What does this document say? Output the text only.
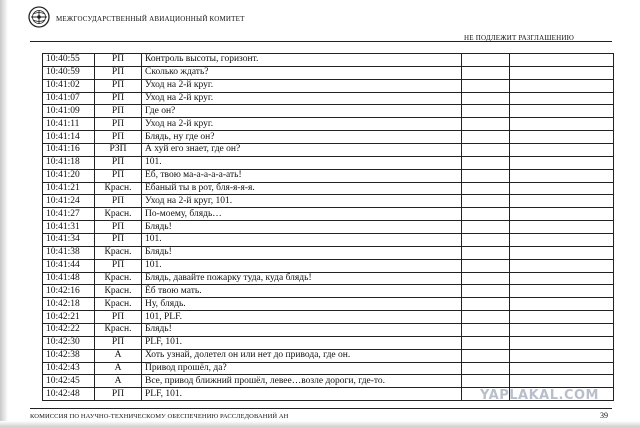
МЕЖГОСУДАРСТВЕННЫЙ АВИАЦИОННЫЙ КОМИТЕТ
НЕ ПОДЛЕЖИТ РАЗГЛАШЕНИЮ
10:40:55	РП	Контроль высоты, горизонт.		
10:40:59	РП	Сколько ждать?		
10:41:02	РП	Уход на 2-й круг.		
10:41:07	РП	Уход на 2-й круг.		
10:41:09	РП	Где он?		
10:41:11	РП	Уход на 2-й круг.		
10:41:14	РП	Блядь, ну где он?		
10:41:16	РЗП	А хуй его знает, где он?		
10:41:18	РП	101.		
10:41:20	РП	Ёб, твою ма-а-а-а-а-ать!		
10:41:21	Красн.	Ёбаный ты в рот, бля-я-я-я.		
10:41:24	РП	Уход на 2-й круг, 101.		
10:41:27	Красн.	По-моему, блядь…		
10:41:31	РП	Блядь!		
10:41:34	РП	101.		
10:41:38	Красн.	Блядь!		
10:41:44	РП	101.		
10:41:48	Красн.	Блядь, давайте пожарку туда, куда блядь!		
10:42:16	Красн.	Ёб твою мать.		
10:42:18	Красн.	Ну, блядь.		
10:42:21	РП	101, PLF.		
10:42:22	Красн.	Блядь!		
10:42:30	РП	PLF, 101.		
10:42:38	А	Хоть узнай, долетел он или нет до привода, где он.		
10:42:43	А	Привод прошёл, да?		
10:42:45	А	Все, привод ближний прошёл, левее…возле дороги, где-то.		
10:42:48	РП	PLF, 101.		
КОМИССИЯ ПО НАУЧНО-ТЕХНИЧЕСКОМУ ОБЕСПЕЧЕНИЮ РАССЛЕДОВАНИЙ АН	39
YAPLAKAL.COM
